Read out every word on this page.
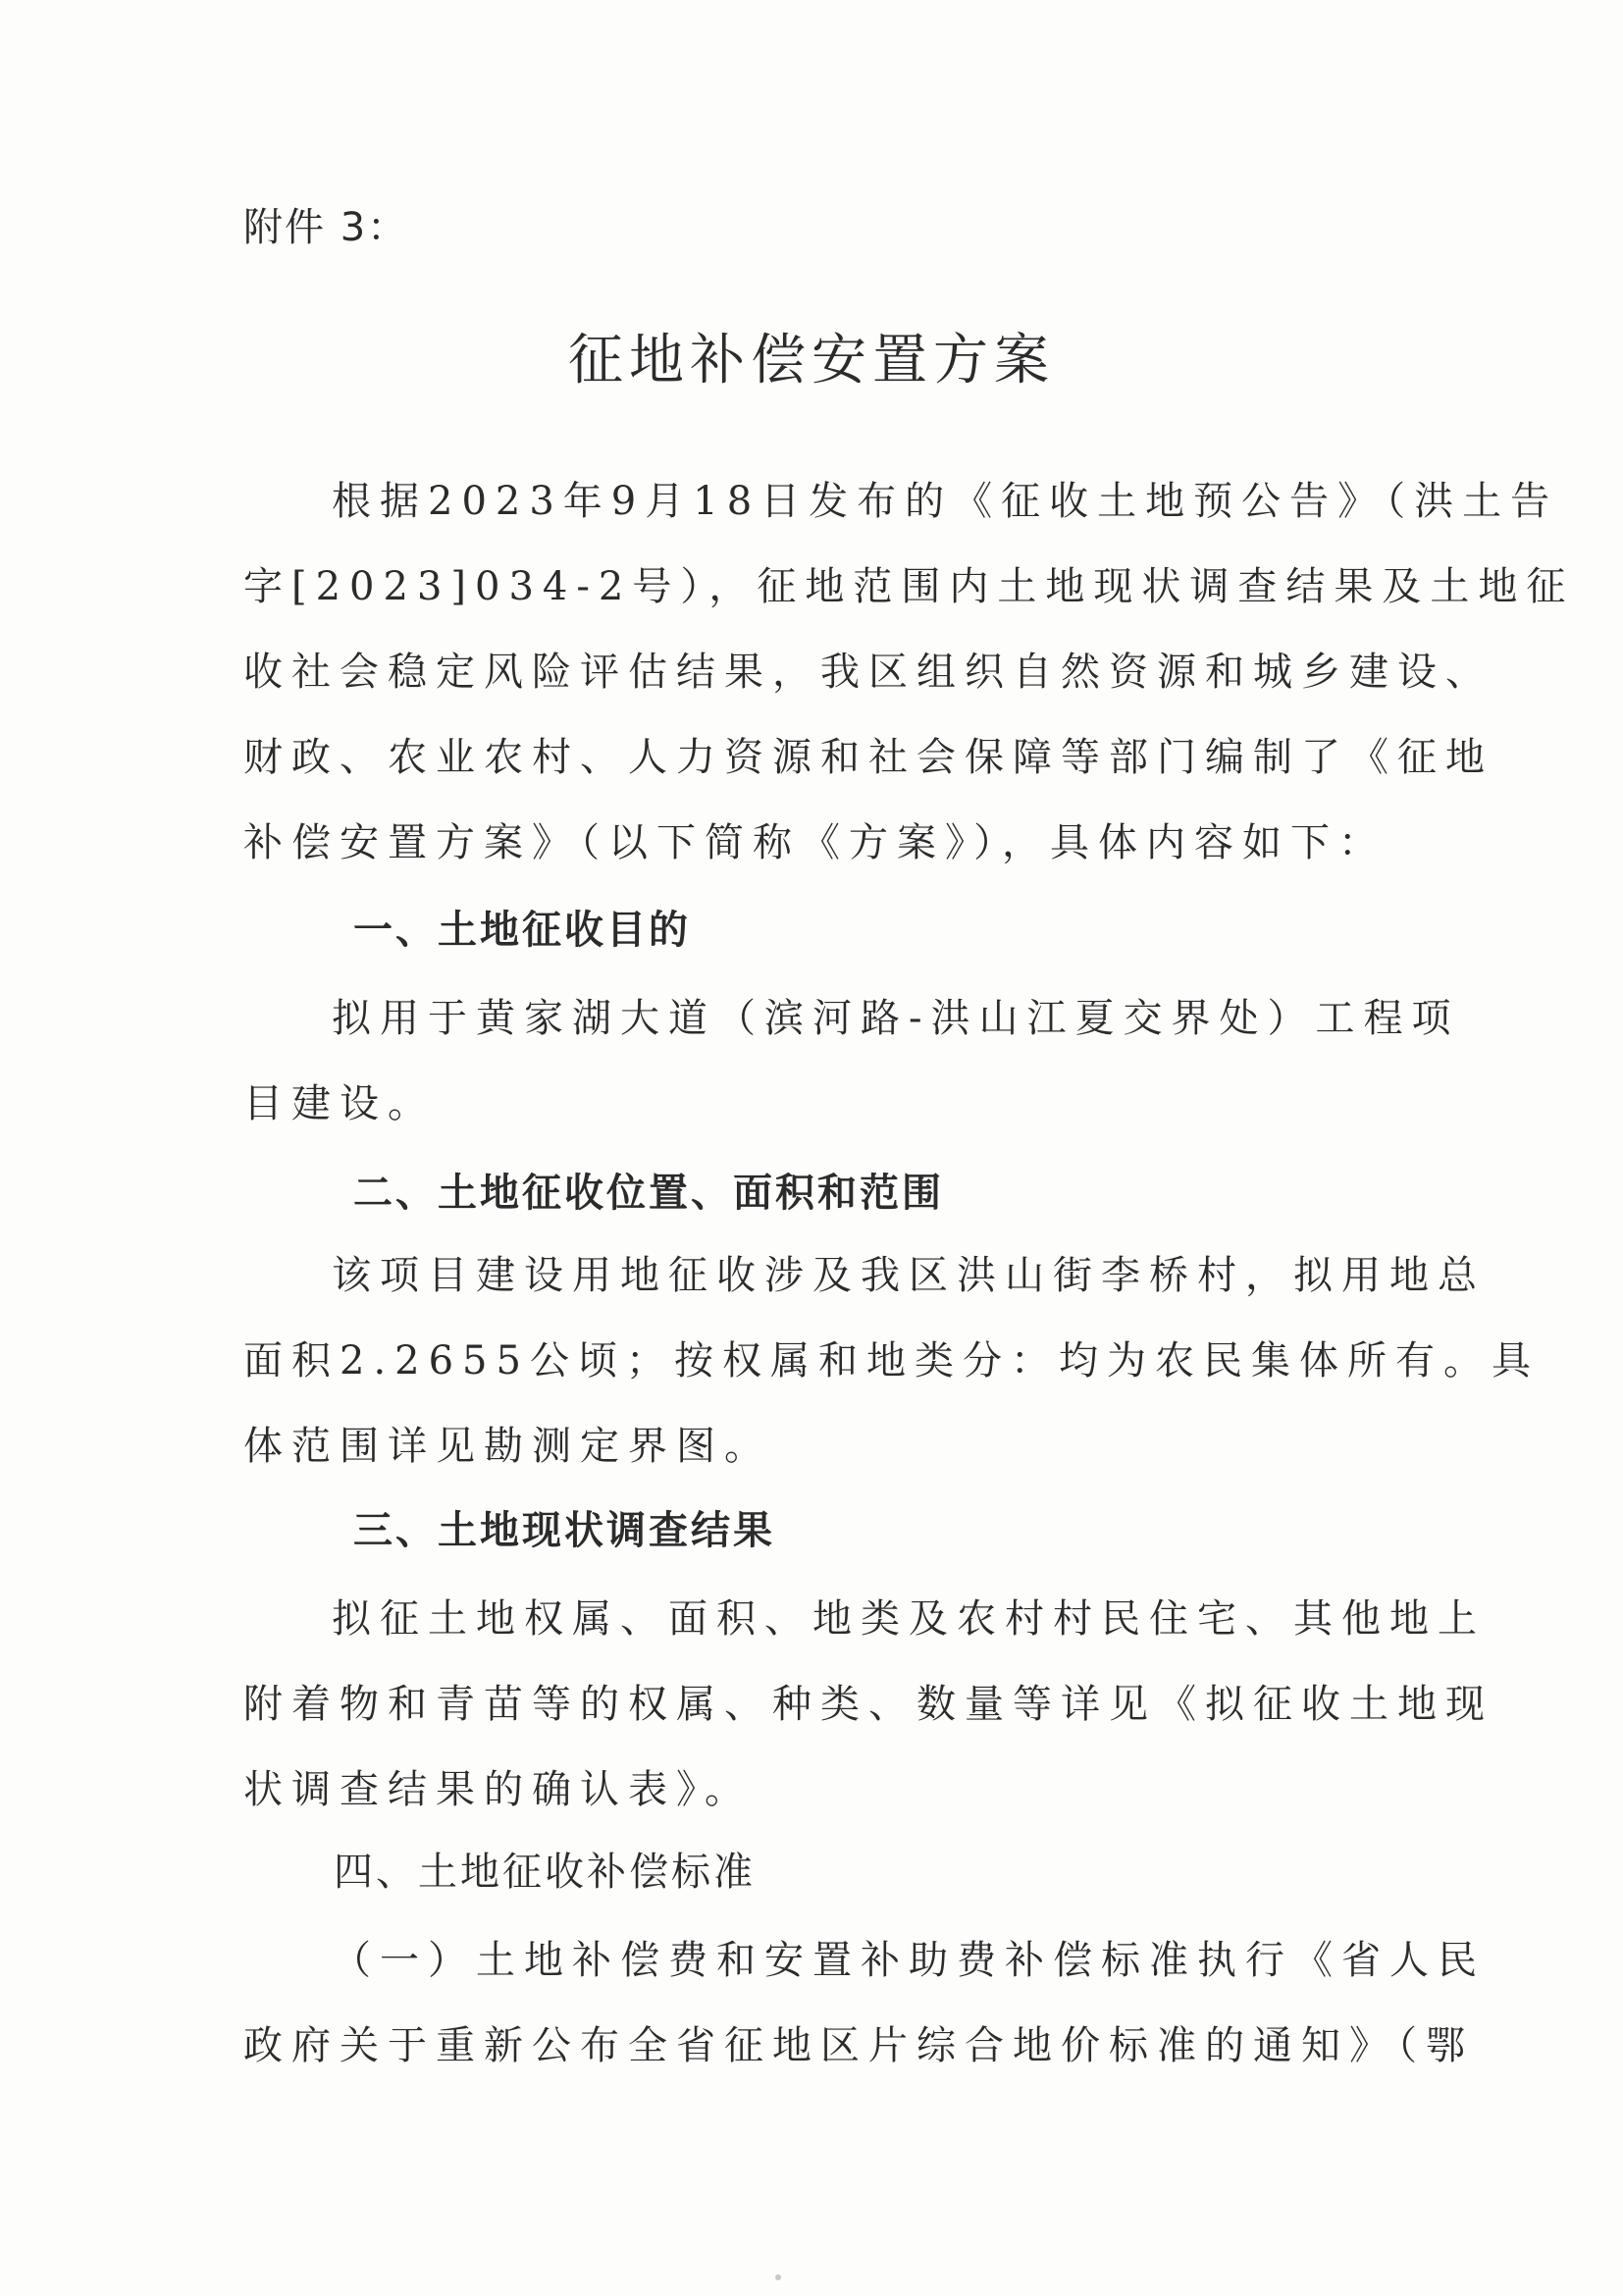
附件 3：
征地补偿安置方案
根据2023年9月18日发布的《征收土地预公告》（洪土告
字[2023]034-2号），征地范围内土地现状调查结果及土地征
收社会稳定风险评估结果，我区组织自然资源和城乡建设、
财政、农业农村、人力资源和社会保障等部门编制了《征地
补偿安置方案》（以下简称《方案》），具体内容如下：
一、土地征收目的
拟用于黄家湖大道（滨河路-洪山江夏交界处）工程项
目建设。
二、土地征收位置、面积和范围
该项目建设用地征收涉及我区洪山街李桥村，拟用地总
面积2.2655公顷；按权属和地类分：均为农民集体所有。具
体范围详见勘测定界图。
三、土地现状调查结果
拟征土地权属、面积、地类及农村村民住宅、其他地上
附着物和青苗等的权属、种类、数量等详见《拟征收土地现
状调查结果的确认表》。
四、土地征收补偿标准
（一）土地补偿费和安置补助费补偿标准执行《省人民
政府关于重新公布全省征地区片综合地价标准的通知》（鄂
